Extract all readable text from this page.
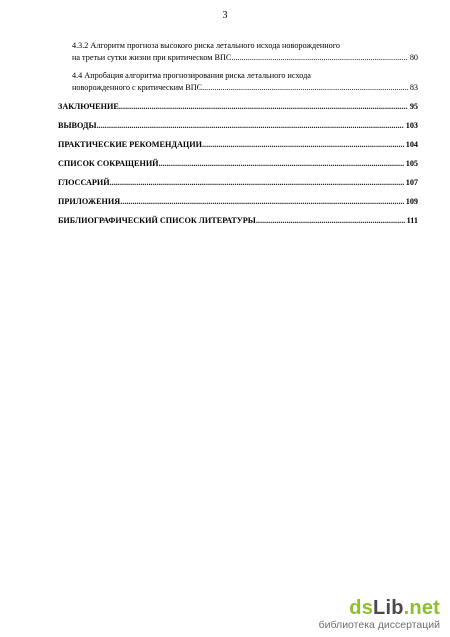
3
4.3.2 Алгоритм прогноза высокого риска летального исхода новорожденного
на третьи сутки жизни при критическом ВПС. .....	80
4.4 Апробация алгоритма прогнозирования риска летального исхода
новорожденного с критическим ВПС. .....	83
ЗАКЛЮЧЕНИЕ .....	95
ВЫВОДЫ .....	103
ПРАКТИЧЕСКИЕ РЕКОМЕНДАЦИИ .....	104
СПИСОК СОКРАЩЕНИЙ .....	105
ГЛОССАРИЙ .....	107
ПРИЛОЖЕНИЯ .....	109
БИБЛИОГРАФИЧЕСКИЙ СПИСОК ЛИТЕРАТУРЫ .....	111
dsLib.net
библиотека диссертаций
